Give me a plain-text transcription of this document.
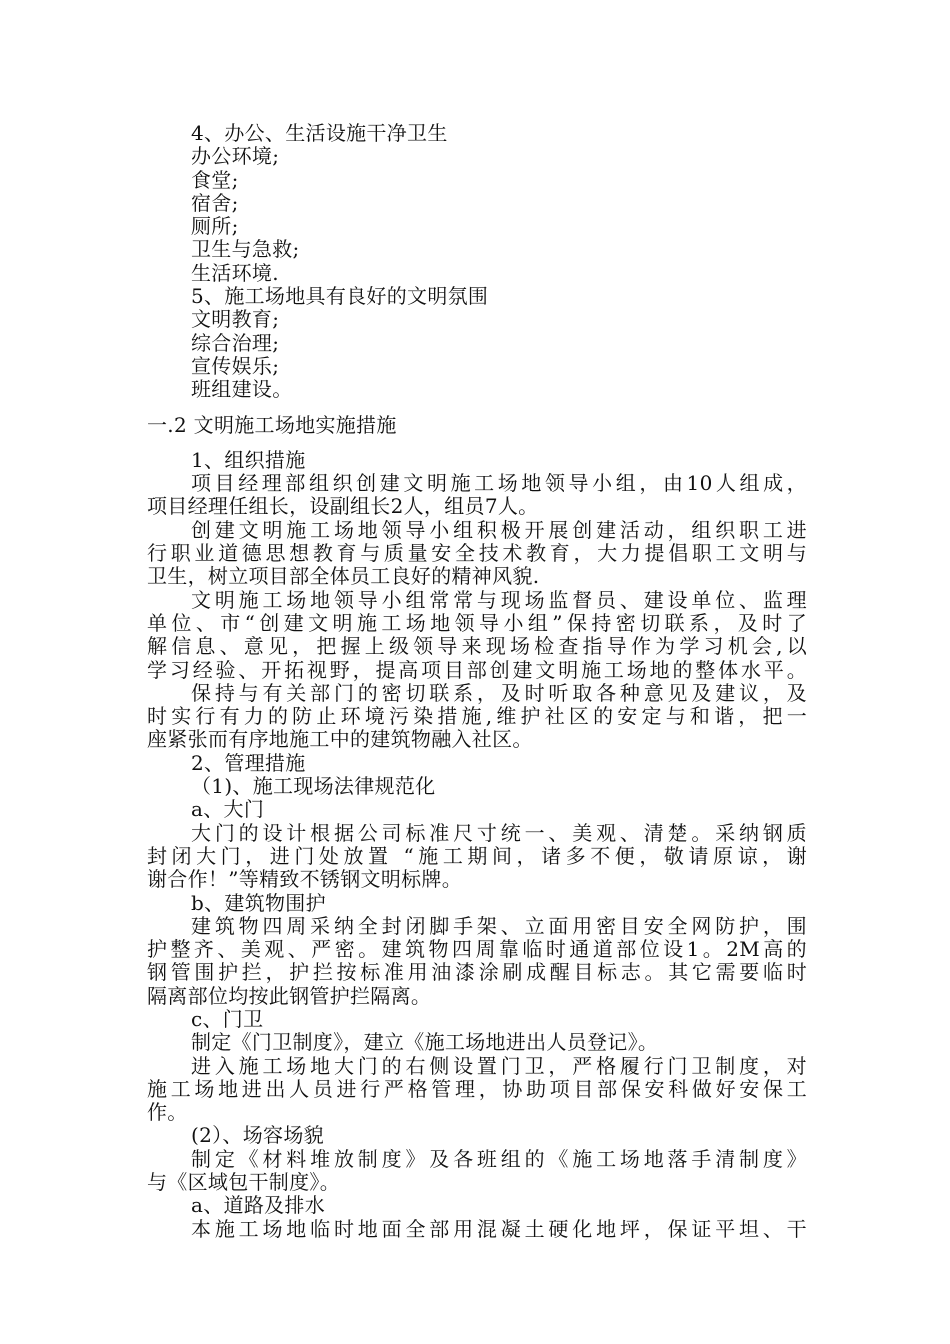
4、办公、生活设施干净卫生
办公环境;
食堂;
宿舍;
厕所;
卫生与急救;
生活环境.
5、施工场地具有良好的文明氛围
文明教育;
综合治理;
宣传娱乐;
班组建设。
一.2 文明施工场地实施措施
1、组织措施
项目经理部组织创建文明施工场地领导小组，由10人组成，
项目经理任组长，设副组长2人，组员7人。
创建文明施工场地领导小组积极开展创建活动，组织职工进
行职业道德思想教育与质量安全技术教育，大力提倡职工文明与
卫生，树立项目部全体员工良好的精神风貌.
文明施工场地领导小组常常与现场监督员、建设单位、监理
单位、市“创建文明施工场地领导小组”保持密切联系，及时了
解信息、意见，把握上级领导来现场检查指导作为学习机会,以
学习经验、开拓视野，提高项目部创建文明施工场地的整体水平。
保持与有关部门的密切联系，及时听取各种意见及建议，及
时实行有力的防止环境污染措施,维护社区的安定与和谐，把一
座紧张而有序地施工中的建筑物融入社区。
2、管理措施
（1)、施工现场法律规范化
a、大门
大门的设计根据公司标准尺寸统一、美观、清楚。采纳钢质
封闭大门，进门处放置 “施工期间，诸多不便，敬请原谅，谢
谢合作！”等精致不锈钢文明标牌。
b、建筑物围护
建筑物四周采纳全封闭脚手架、立面用密目安全网防护，围
护整齐、美观、严密。建筑物四周靠临时通道部位设1。2M高的
钢管围护拦，护拦按标准用油漆涂刷成醒目标志。其它需要临时
隔离部位均按此钢管护拦隔离。
c、门卫
制定《门卫制度》，建立《施工场地进出人员登记》。
进入施工场地大门的右侧设置门卫，严格履行门卫制度，对
施工场地进出人员进行严格管理，协助项目部保安科做好安保工
作。
(2）、场容场貌
制定《材料堆放制度》及各班组的《施工场地落手清制度》
与《区域包干制度》。
a、道路及排水
本施工场地临时地面全部用混凝土硬化地坪，保证平坦、干
